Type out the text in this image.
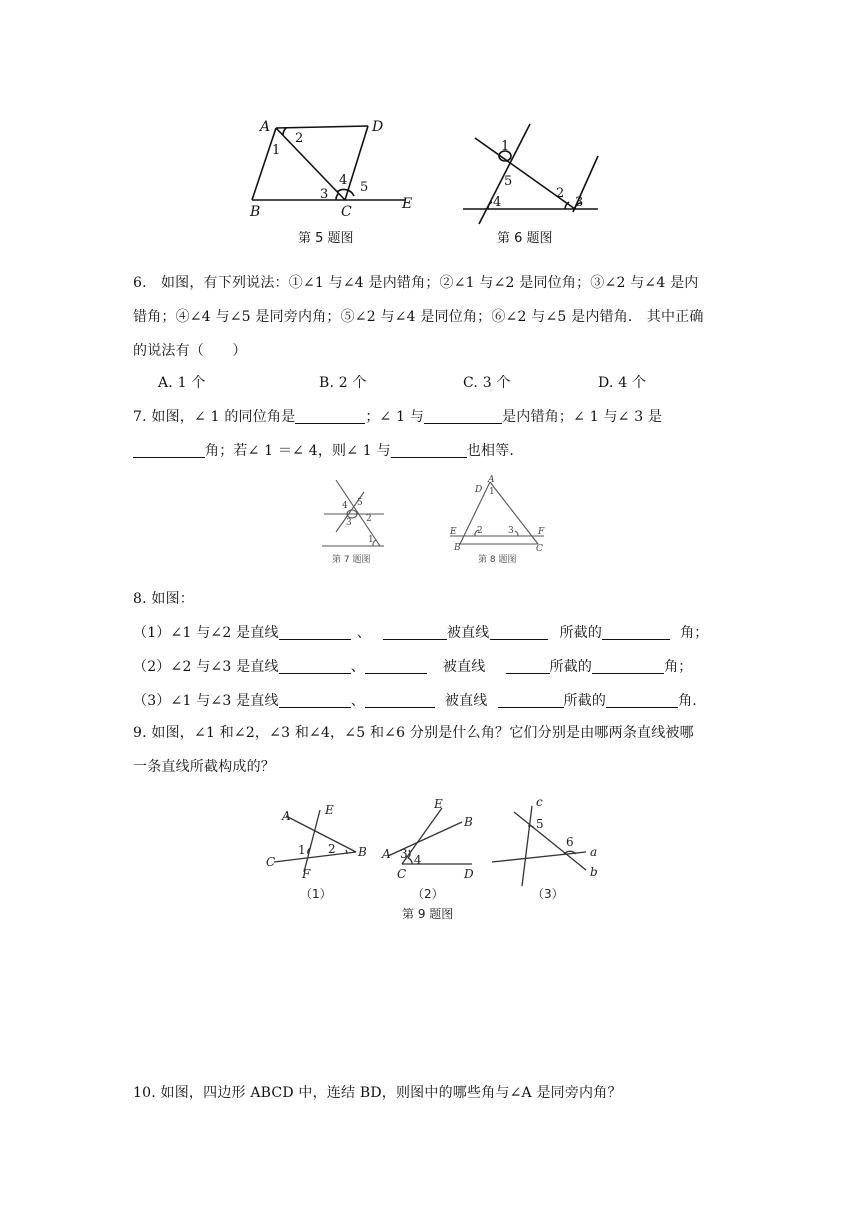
A	D
B	C	E
1
2
3
4 5
第 5 题图
1
5
2
3
4
第 6 题图
6.　如图，有下列说法：①∠1 与∠4 是内错角；②∠1 与∠2 是同位角；③∠2 与∠4 是内
错角；④∠4 与∠5 是同旁内角；⑤∠2 与∠4 是同位角；⑥∠2 与∠5 是内错角． 其中正确
的说法有（　　）
A. 1 个	B. 2 个	C. 3 个	D. 4 个
7. 如图，∠ 1 的同位角是	；∠ 1 与	是内错角；∠ 1 与∠ 3 是
角；若∠ 1 ＝∠ 4，则∠ 1 与	也相等.
4 5
3 2
1
第 7 题图
A
D
E	F
B	C
1
2	3
第 8 题图
8. 如图：
（1）∠1 与∠2 是直线	、	被直线	所截的	角；
（2）∠2 与∠3 是直线	、	被直线	所截的	角；
（3）∠1 与∠3 是直线	、	被直线	所截的	角.
9. 如图，∠1 和∠2，∠3 和∠4，∠5 和∠6 分别是什么角？它们分别是由哪两条直线被哪
一条直线所截构成的？
A	E
C
F
B
1 2
（1）
E
B
A
C	D
3 4
（2）
c
a
b
5
6
（3）
第 9 题图
10. 如图，四边形 ABCD 中，连结 BD，则图中的哪些角与∠A 是同旁内角？
